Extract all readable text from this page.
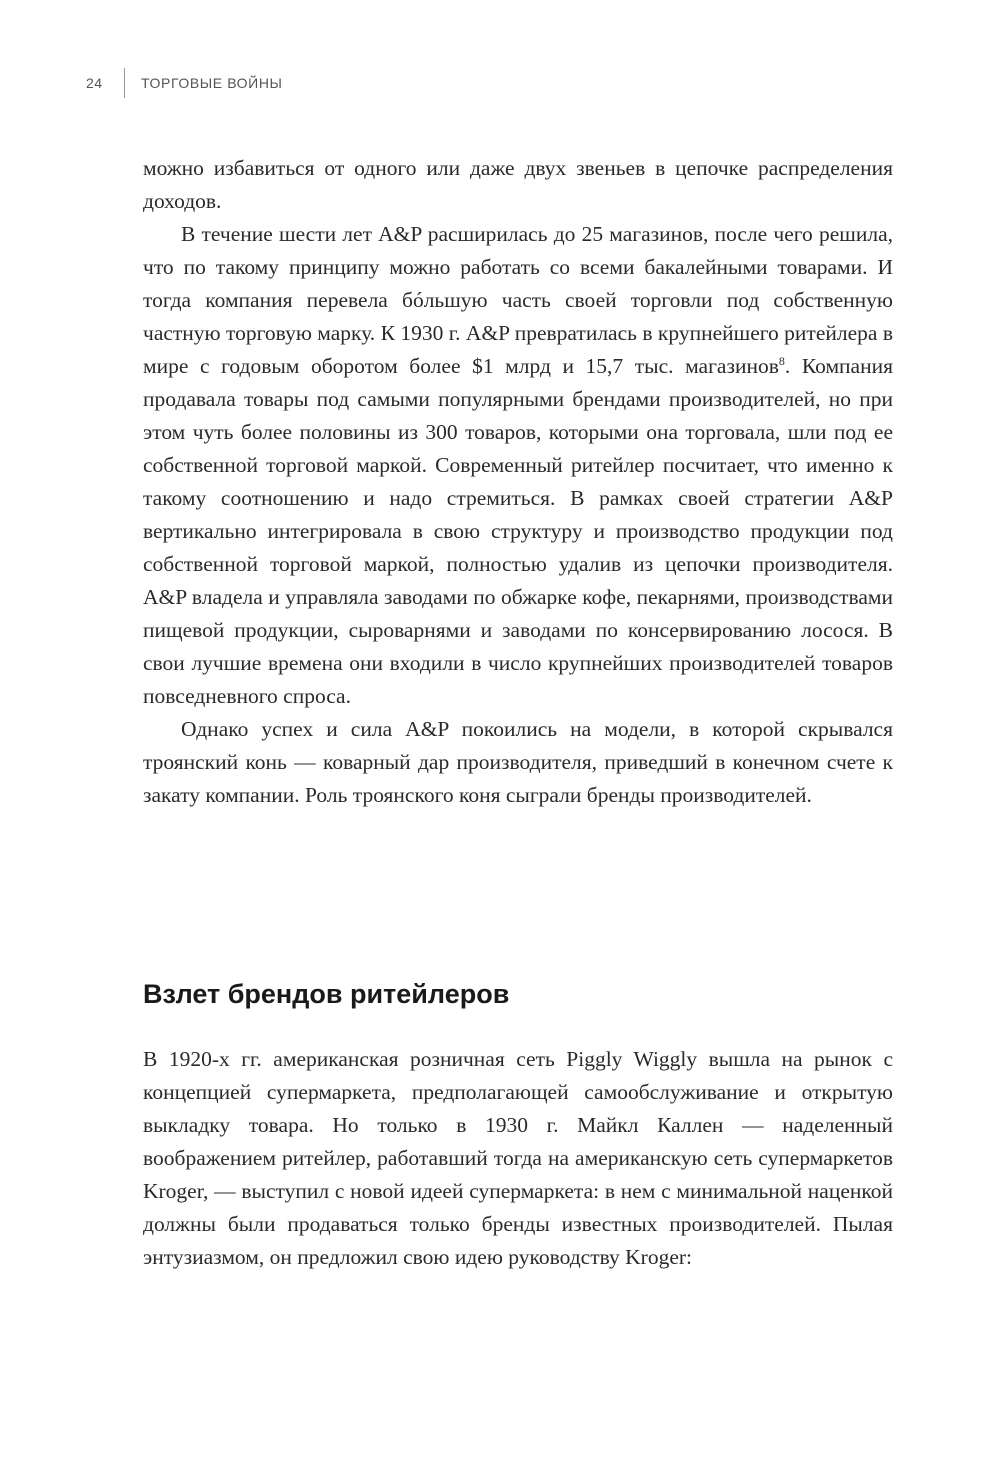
24	ТОРГОВЫЕ ВОЙНЫ

можно избавиться от одного или даже двух звеньев в цепочке распределения доходов.

В течение шести лет A&P расширилась до 25 магазинов, после чего решила, что по такому принципу можно работать со всеми бакалейными товарами. И тогда компания перевела бóльшую часть своей торговли под собственную частную торговую марку. К 1930 г. A&P превратилась в крупнейшего ритейлера в мире с годовым оборотом более $1 млрд и 15,7 тыс. магазинов$^8$. Компания продавала товары под самыми популярными брендами производителей, но при этом чуть более половины из 300 товаров, которыми она торговала, шли под ее собственной торговой маркой. Современный ритейлер посчитает, что именно к такому соотношению и надо стремиться. В рамках своей стратегии A&P вертикально интегрировала в свою структуру и производство продукции под собственной торговой маркой, полностью удалив из цепочки производителя. A&P владела и управляла заводами по обжарке кофе, пекарнями, производствами пищевой продукции, сыроварнями и заводами по консервированию лосося. В свои лучшие времена они входили в число крупнейших производителей товаров повседневного спроса.

Однако успех и сила A&P покоились на модели, в которой скрывался троянский конь — коварный дар производителя, приведший в конечном счете к закату компании. Роль троянского коня сыграли бренды производителей.

Взлет брендов ритейлеров

В 1920-х гг. американская розничная сеть Piggly Wiggly вышла на рынок с концепцией супермаркета, предполагающей самообслуживание и открытую выкладку товара. Но только в 1930 г. Майкл Каллен — наделенный воображением ритейлер, работавший тогда на американскую сеть супермаркетов Kroger, — выступил с новой идеей супермаркета: в нем с минимальной наценкой должны были продаваться только бренды известных производителей. Пылая энтузиазмом, он предложил свою идею руководству Kroger:
